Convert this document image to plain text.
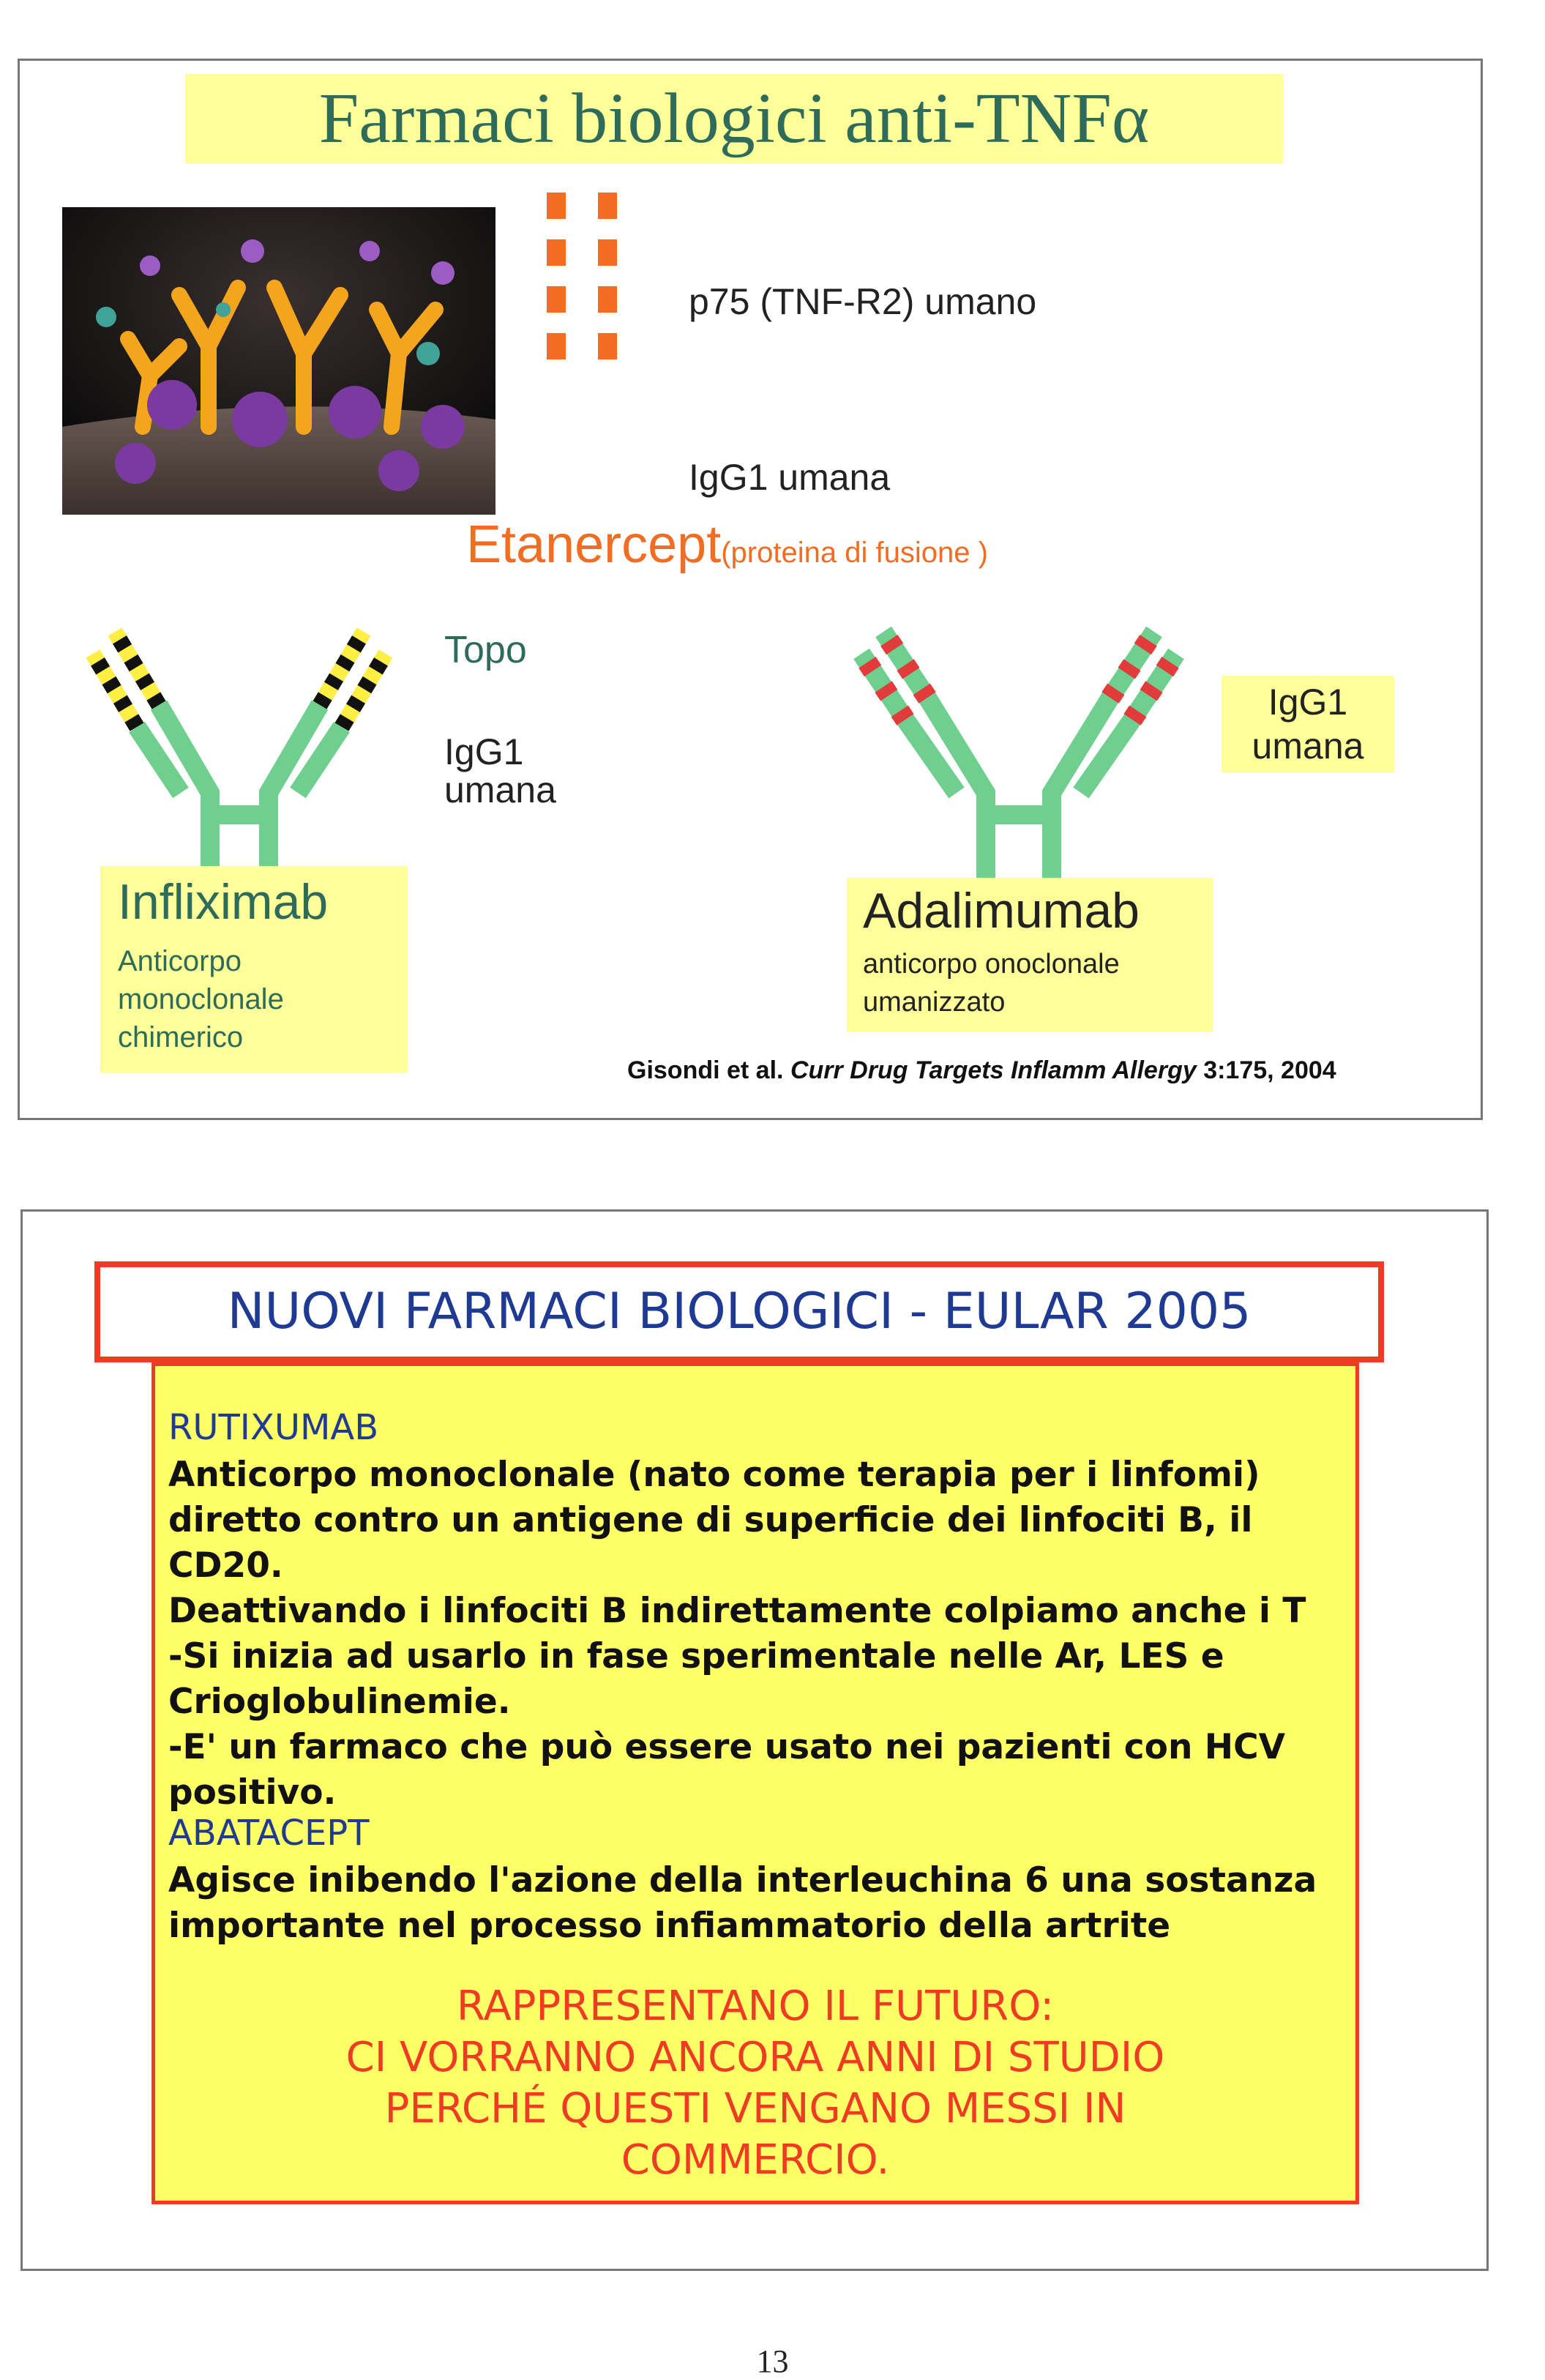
Farmaci biologici anti-TNFα
p75 (TNF-R2) umano
IgG1 umana
Etanercept(proteina di fusione )
Topo
IgG1 umana
IgG1
umana
Infliximab
Anticorpo
monoclonale
chimerico
Adalimumab
anticorpo onoclonale
umanizzato
Gisondi et al. Curr Drug Targets Inflamm Allergy 3:175, 2004
NUOVI FARMACI BIOLOGICI - EULAR 2005
RUTIXUMAB
Anticorpo monoclonale (nato come terapia per i linfomi)
diretto contro un antigene di superficie dei linfociti B, il CD20.
Deattivando i linfociti B indirettamente colpiamo anche i T
-Si inizia ad usarlo in fase sperimentale nelle Ar, LES e
Crioglobulinemie.
-E' un farmaco che può essere usato nei pazienti con HCV
positivo.
ABATACEPT
Agisce inibendo l'azione della interleuchina 6 una sostanza
importante nel processo infiammatorio della artrite
RAPPRESENTANO IL FUTURO:
CI VORRANNO ANCORA ANNI DI STUDIO
PERCHÉ QUESTI VENGANO MESSI IN
COMMERCIO.
13
